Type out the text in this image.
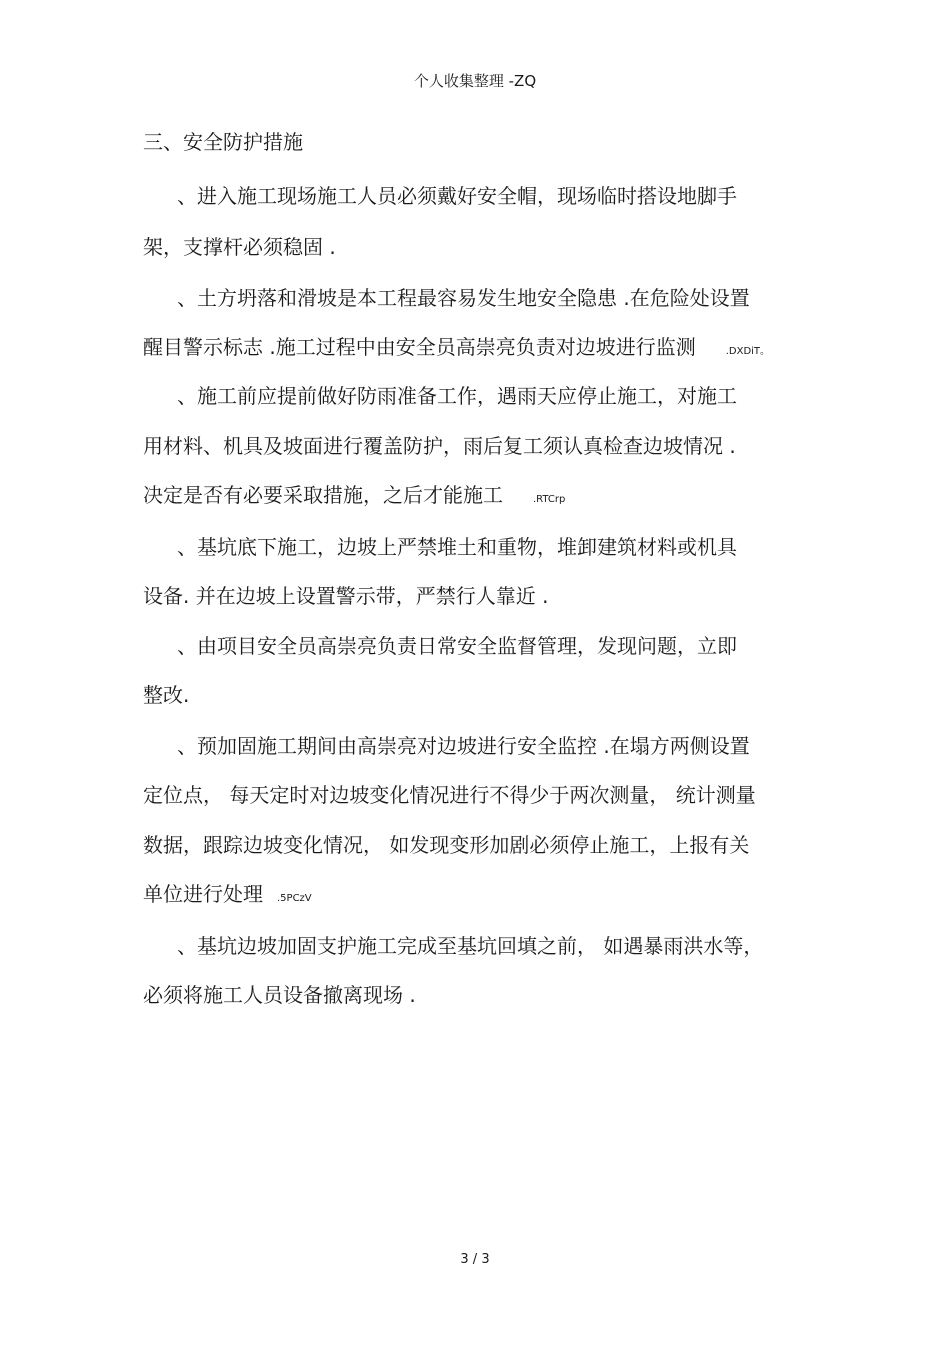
个人收集整理 -ZQ
三、安全防护措施
、进入施工现场施工人员必须戴好安全帽，现场临时搭设地脚手
架，支撑杆必须稳固 .
、土方坍落和滑坡是本工程最容易发生地安全隐患 .在危险处设置
醒目警示标志 .施工过程中由安全员高崇亮负责对边坡进行监测	.DXDiT。
、施工前应提前做好防雨准备工作，遇雨天应停止施工，对施工
用材料、机具及坡面进行覆盖防护，雨后复工须认真检查边坡情况 .
决定是否有必要采取措施，之后才能施工	.RTCrp
、基坑底下施工，边坡上严禁堆土和重物，堆卸建筑材料或机具
设备. 并在边坡上设置警示带，严禁行人靠近 .
、由项目安全员高崇亮负责日常安全监督管理，发现问题，立即
整改.
、预加固施工期间由高崇亮对边坡进行安全监控 .在塌方两侧设置
定位点， 每天定时对边坡变化情况进行不得少于两次测量， 统计测量
数据，跟踪边坡变化情况， 如发现变形加剧必须停止施工，上报有关
单位进行处理 .5PCzV
、基坑边坡加固支护施工完成至基坑回填之前， 如遇暴雨洪水等，
必须将施工人员设备撤离现场 .
3 / 3
